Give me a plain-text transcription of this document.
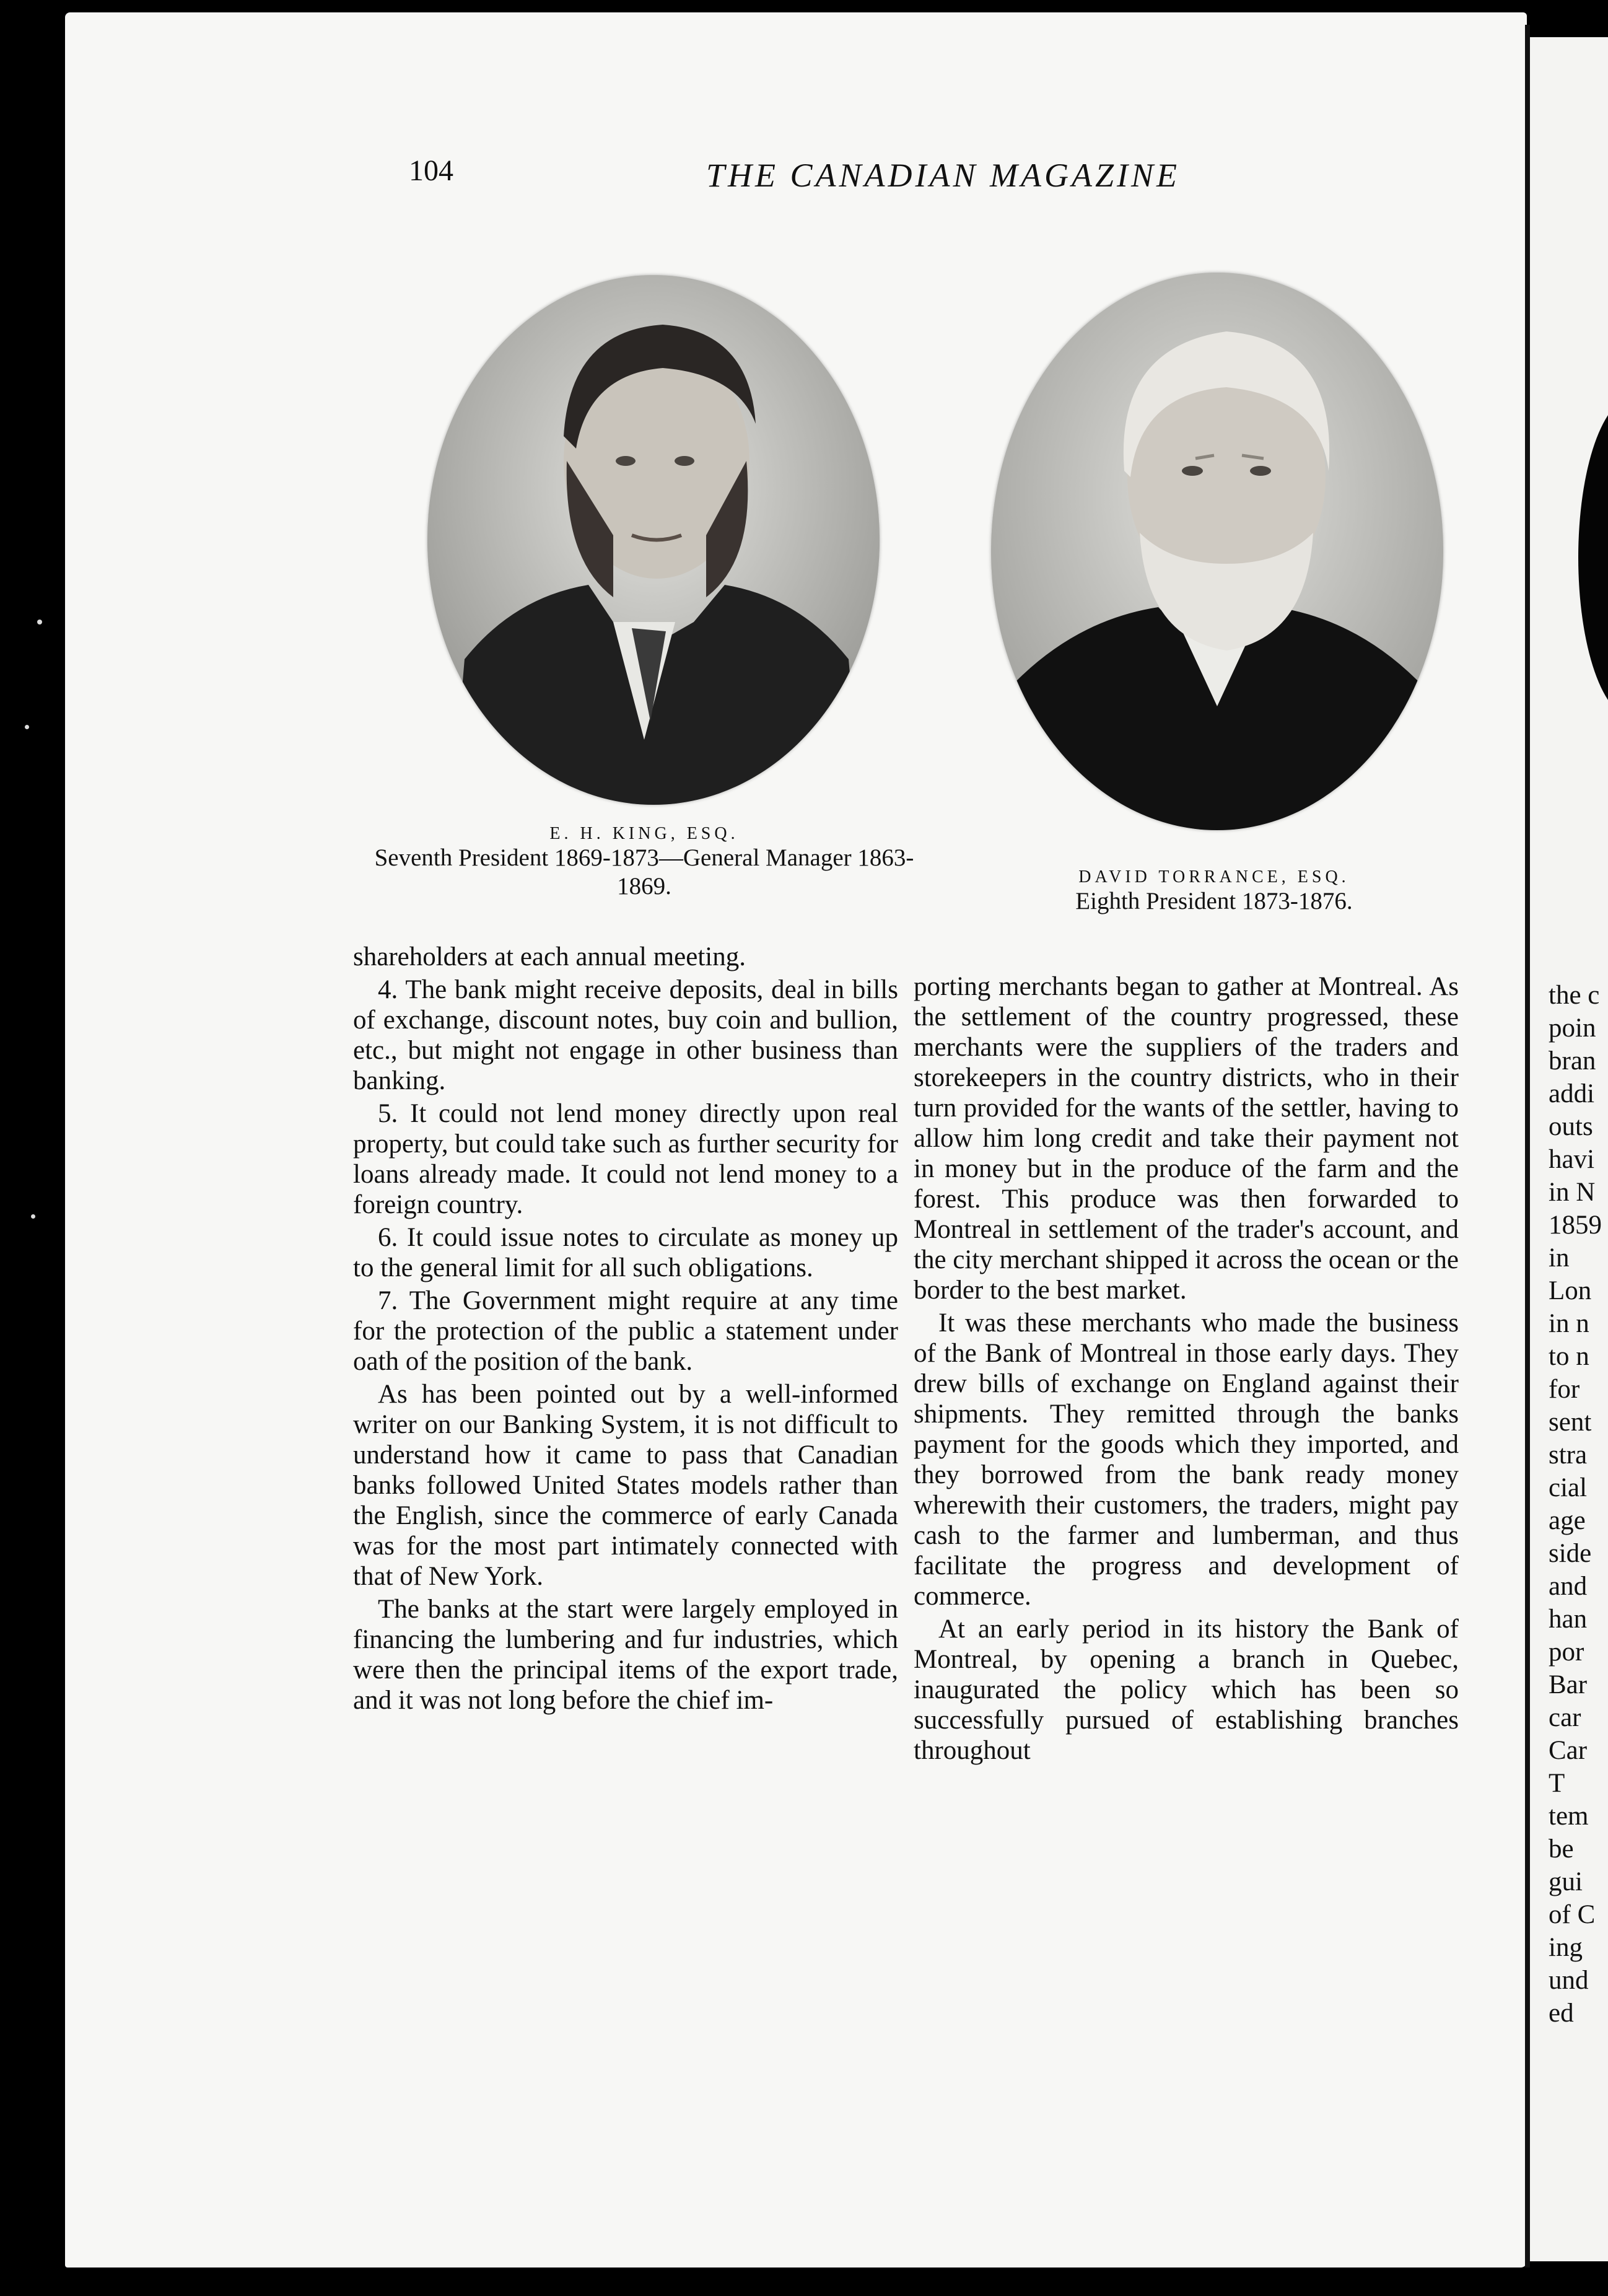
104	THE CANADIAN MAGAZINE
E. H. KING, ESQ.
Seventh President 1869-1873—General Manager 1863-1869.	DAVID TORRANCE, ESQ.
Eighth President 1873-1876.

shareholders at each annual meeting.

4. The bank might receive deposits, deal in bills of exchange, discount notes, buy coin and bullion, etc., but might not engage in other business than banking.

5. It could not lend money directly upon real property, but could take such as further security for loans already made. It could not lend money to a foreign country.

6. It could issue notes to circulate as money up to the general limit for all such obligations.

7. The Government might require at any time for the protection of the public a statement under oath of the position of the bank.

As has been pointed out by a well-informed writer on our Banking System, it is not difficult to understand how it came to pass that Canadian banks followed United States models rather than the English, since the commerce of early Canada was for the most part intimately connected with that of New York.

The banks at the start were largely employed in financing the lumbering and fur industries, which were then the principal items of the export trade, and it was not long before the chief im-

porting merchants began to gather at Montreal. As the settlement of the country progressed, these merchants were the suppliers of the traders and storekeepers in the country districts, who in their turn provided for the wants of the settler, having to allow him long credit and take their payment not in money but in the produce of the farm and the forest. This produce was then forwarded to Montreal in settlement of the trader's account, and the city merchant shipped it across the ocean or the border to the best market.

It was these merchants who made the business of the Bank of Montreal in those early days. They drew bills of exchange on England against their shipments. They remitted through the banks payment for the goods which they imported, and they borrowed from the bank ready money wherewith their customers, the traders, might pay cash to the farmer and lumberman, and thus facilitate the progress and development of commerce.

At an early period in its history the Bank of Montreal, by opening a branch in Quebec, inaugurated the policy which has been so successfully pursued of establishing branches throughout

the c
poin
bran
addi
outs
havi
in N
1859
in
Lon
in n
to n
for
sent
stra
cial
age
side
and
han
por
Bar
car
Car
T
tem
be
gui
of C
ing
und
ed
